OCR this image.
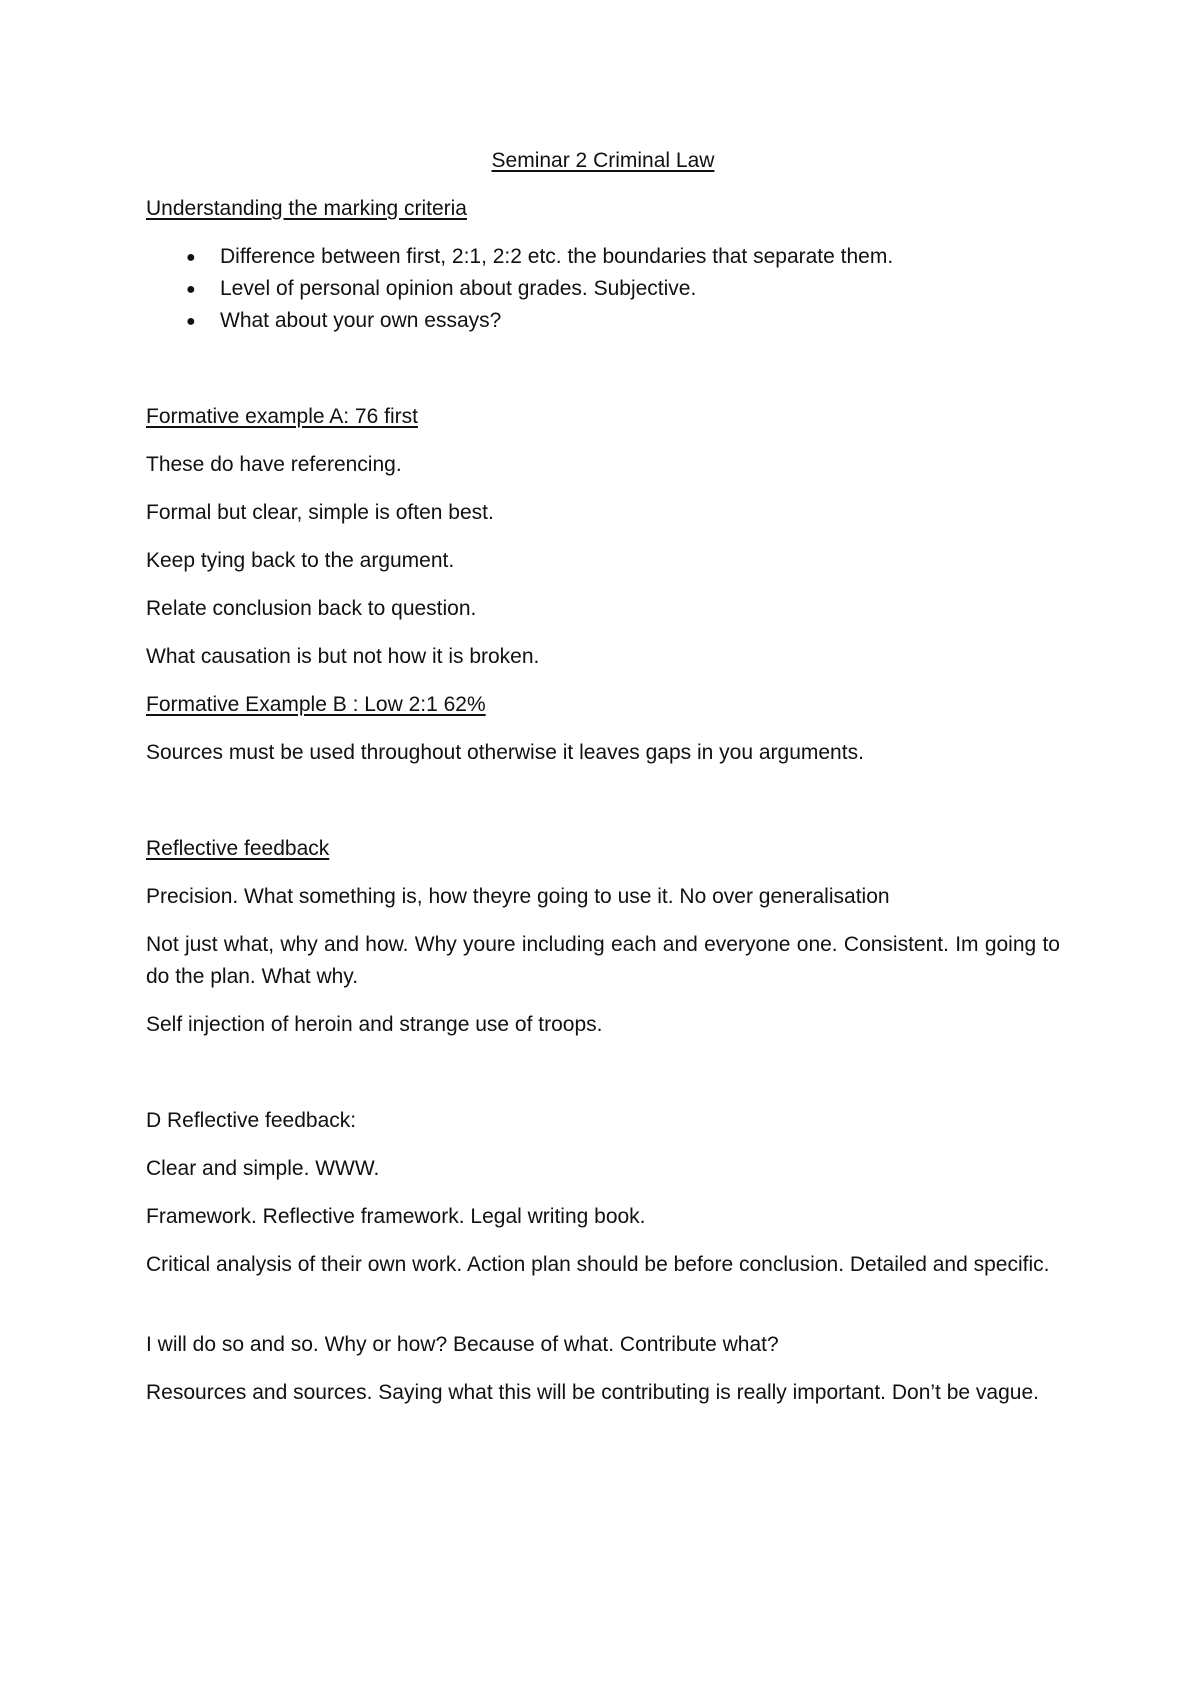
Seminar 2 Criminal Law

Understanding the marking criteria

● Difference between first, 2:1, 2:2 etc. the boundaries that separate them.
● Level of personal opinion about grades. Subjective.
● What about your own essays?

Formative example A: 76 first

These do have referencing.

Formal but clear, simple is often best.

Keep tying back to the argument.

Relate conclusion back to question.

What causation is but not how it is broken.

Formative Example B : Low 2:1 62%

Sources must be used throughout otherwise it leaves gaps in you arguments.

Reflective feedback

Precision. What something is, how theyre going to use it. No over generalisation

Not just what, why and how. Why youre including each and everyone one. Consistent. Im going to do the plan. What why.

Self injection of heroin and strange use of troops.

D Reflective feedback:

Clear and simple. WWW.

Framework. Reflective framework. Legal writing book.

Critical analysis of their own work. Action plan should be before conclusion. Detailed and specific.

I will do so and so. Why or how? Because of what. Contribute what?

Resources and sources. Saying what this will be contributing is really important. Don’t be vague.
